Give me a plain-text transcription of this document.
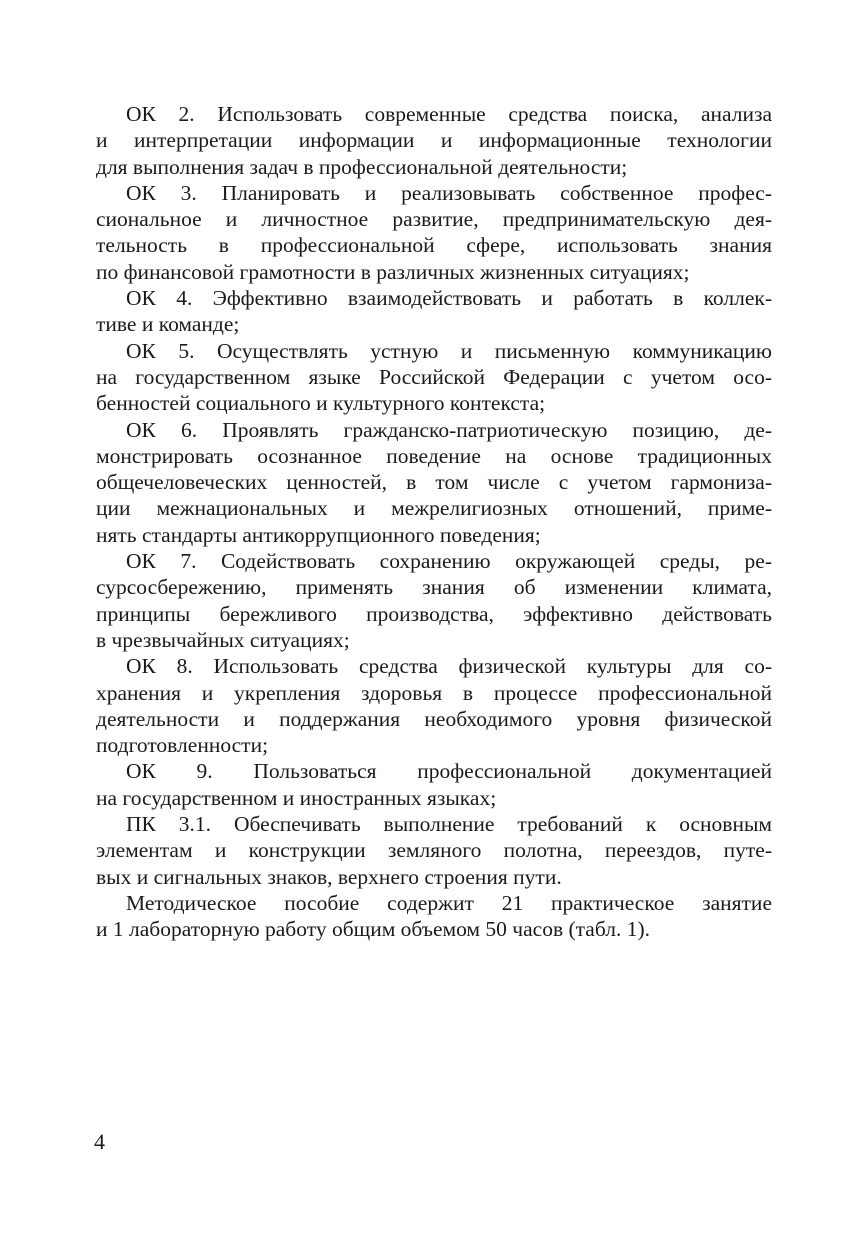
ОК 2. Использовать современные средства поиска, анализа
и интерпретации информации и информационные технологии
для выполнения задач в профессиональной деятельности;
ОК 3. Планировать и реализовывать собственное профес-
сиональное и личностное развитие, предпринимательскую дея-
тельность в профессиональной сфере, использовать знания
по финансовой грамотности в различных жизненных ситуациях;
ОК 4. Эффективно взаимодействовать и работать в коллек-
тиве и команде;
ОК 5. Осуществлять устную и письменную коммуникацию
на государственном языке Российской Федерации с учетом осо-
бенностей социального и культурного контекста;
ОК 6. Проявлять гражданско-патриотическую позицию, де-
монстрировать осознанное поведение на основе традиционных
общечеловеческих ценностей, в том числе с учетом гармониза-
ции межнациональных и межрелигиозных отношений, приме-
нять стандарты антикоррупционного поведения;
ОК 7. Содействовать сохранению окружающей среды, ре-
сурсосбережению, применять знания об изменении климата,
принципы бережливого производства, эффективно действовать
в чрезвычайных ситуациях;
ОК 8. Использовать средства физической культуры для со-
хранения и укрепления здоровья в процессе профессиональной
деятельности и поддержания необходимого уровня физической
подготовленности;
ОК 9. Пользоваться профессиональной документацией
на государственном и иностранных языках;
ПК 3.1. Обеспечивать выполнение требований к основным
элементам и конструкции земляного полотна, переездов, путе-
вых и сигнальных знаков, верхнего строения пути.
Методическое пособие содержит 21 практическое занятие
и 1 лабораторную работу общим объемом 50 часов (табл. 1).
4
